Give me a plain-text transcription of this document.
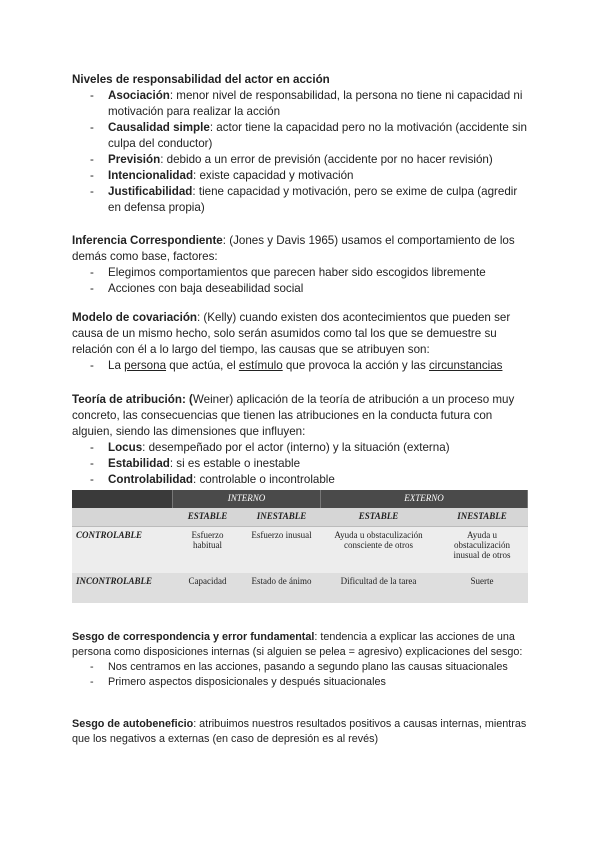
Niveles de responsabilidad del actor en acción

- Asociación: menor nivel de responsabilidad, la persona no tiene ni capacidad ni motivación para realizar la acción
- Causalidad simple: actor tiene la capacidad pero no la motivación (accidente sin culpa del conductor)
- Previsión: debido a un error de previsión (accidente por no hacer revisión)
- Intencionalidad: existe capacidad y motivación
- Justificabilidad: tiene capacidad y motivación, pero se exime de culpa (agredir en defensa propia)

Inferencia Correspondiente: (Jones y Davis 1965) usamos el comportamiento de los demás como base, factores:

- Elegimos comportamientos que parecen haber sido escogidos libremente
- Acciones con baja deseabilidad social

Modelo de covariación: (Kelly) cuando existen dos acontecimientos que pueden ser causa de un mismo hecho, solo serán asumidos como tal los que se demuestre su relación con él a lo largo del tiempo, las causas que se atribuyen son:

- La persona que actúa, el estímulo que provoca la acción y las circunstancias

Teoría de atribución: (Weiner) aplicación de la teoría de atribución a un proceso muy concreto, las consecuencias que tienen las atribuciones en la conducta futura con alguien, siendo las dimensiones que influyen:

- Locus: desempeñado por el actor (interno) y la situación (externa)
- Estabilidad: si es estable o inestable
- Controlabilidad: controlable o incontrolable
	INTERNO		EXTERNO	
	ESTABLE	INESTABLE	ESTABLE	INESTABLE
CONTROLABLE	Esfuerzo habitual	Esfuerzo inusual	Ayuda u obstaculización consciente de otros	Ayuda u obstaculización inusual de otros
INCONTROLABLE	Capacidad	Estado de ánimo	Dificultad de la tarea	Suerte

Sesgo de correspondencia y error fundamental: tendencia a explicar las acciones de una persona como disposiciones internas (si alguien se pelea = agresivo) explicaciones del sesgo:

- Nos centramos en las acciones, pasando a segundo plano las causas situacionales
- Primero aspectos disposicionales y después situacionales

Sesgo de autobeneficio: atribuimos nuestros resultados positivos a causas internas, mientras que los negativos a externas (en caso de depresión es al revés)
